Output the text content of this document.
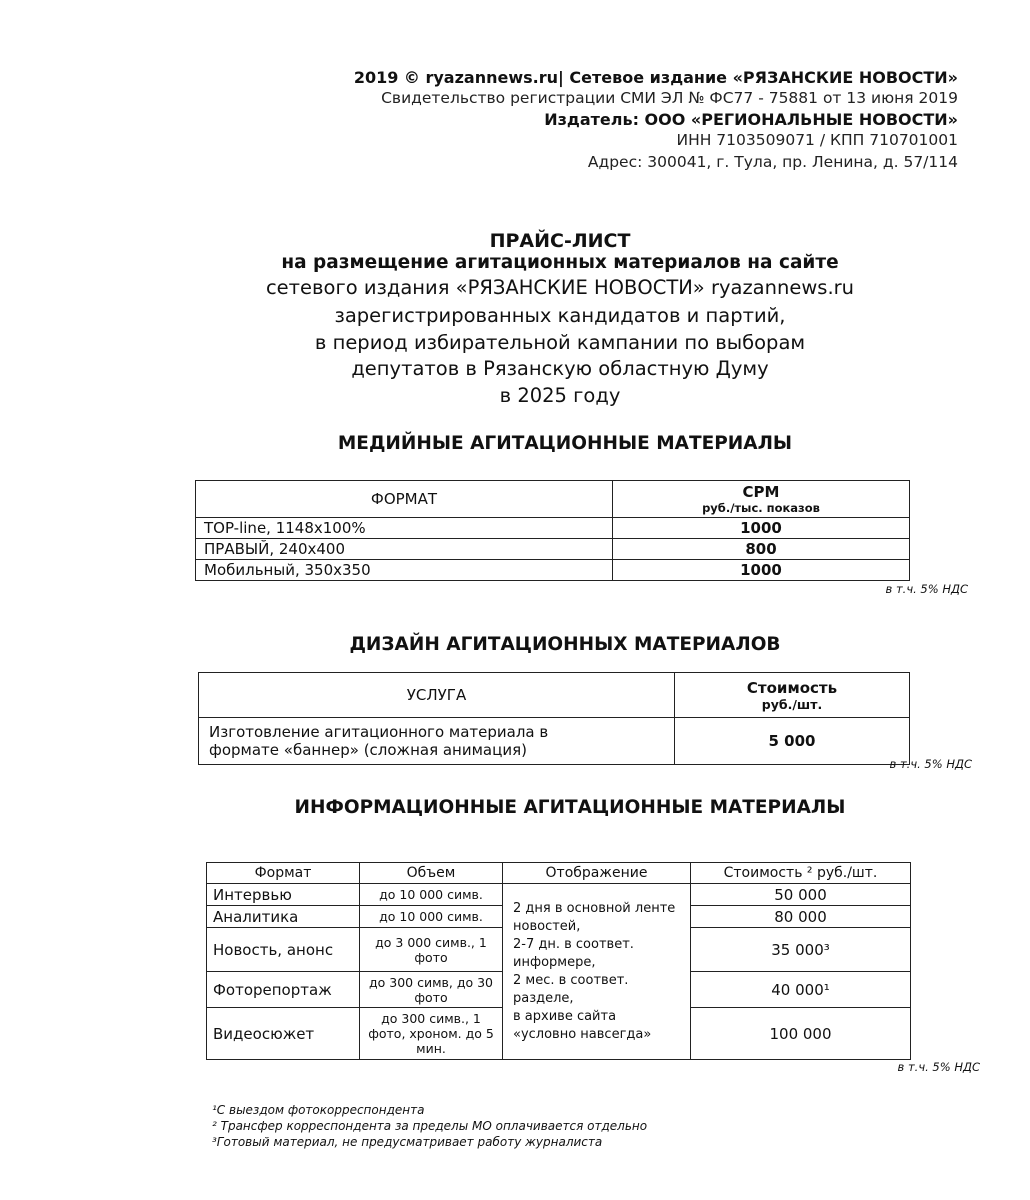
2019 © ryazannews.ru| Сетевое издание «РЯЗАНСКИЕ НОВОСТИ»
Свидетельство регистрации СМИ ЭЛ № ФС77 - 75881 от 13 июня 2019
Издатель: ООО «РЕГИОНАЛЬНЫЕ НОВОСТИ»
ИНН 7103509071 / КПП 710701001
Адрес: 300041, г. Тула, пр. Ленина, д. 57/114
ПРАЙС-ЛИСТ
на размещение агитационных материалов на сайте
сетевого издания «РЯЗАНСКИЕ НОВОСТИ» ryazannews.ru
зарегистрированных кандидатов и партий,
в период избирательной кампании по выборам
депутатов в Рязанскую областную Думу
в 2025 году
МЕДИЙНЫЕ АГИТАЦИОННЫЕ МАТЕРИАЛЫ
ФОРМАТ	CPM
руб./тыс. показов

TOP-line, 1148x100%	1000
ПРАВЫЙ, 240x400	800
Мобильный, 350x350	1000
в т.ч. 5% НДС
ДИЗАЙН АГИТАЦИОННЫХ МАТЕРИАЛОВ
УСЛУГА	Стоимость
руб./шт.

Изготовление агитационного материала в
формате «баннер» (сложная анимация)	5 000
в т.ч. 5% НДС
ИНФОРМАЦИОННЫЕ АГИТАЦИОННЫЕ МАТЕРИАЛЫ
Формат	Объем	Отображение	Стоимость ² руб./шт.
Интервью	до 10 000 симв.	2 дня в основной ленте новостей,
2-7 дн. в соответ. информере,
2 мес. в соответ. разделе,
в архиве сайта «условно навсегда»	50 000
Аналитика	до 10 000 симв.		80 000
Новость, анонс	до 3 000 симв., 1 фото		35 000³
Фоторепортаж	до 300 симв, до 30 фото		40 000¹
Видеосюжет	до 300 симв., 1 фото, хроном. до 5 мин.		100 000
в т.ч. 5% НДС
¹С выездом фотокорреспондента
² Трансфер корреспондента за пределы МО оплачивается отдельно
³Готовый материал, не предусматривает работу журналиста
